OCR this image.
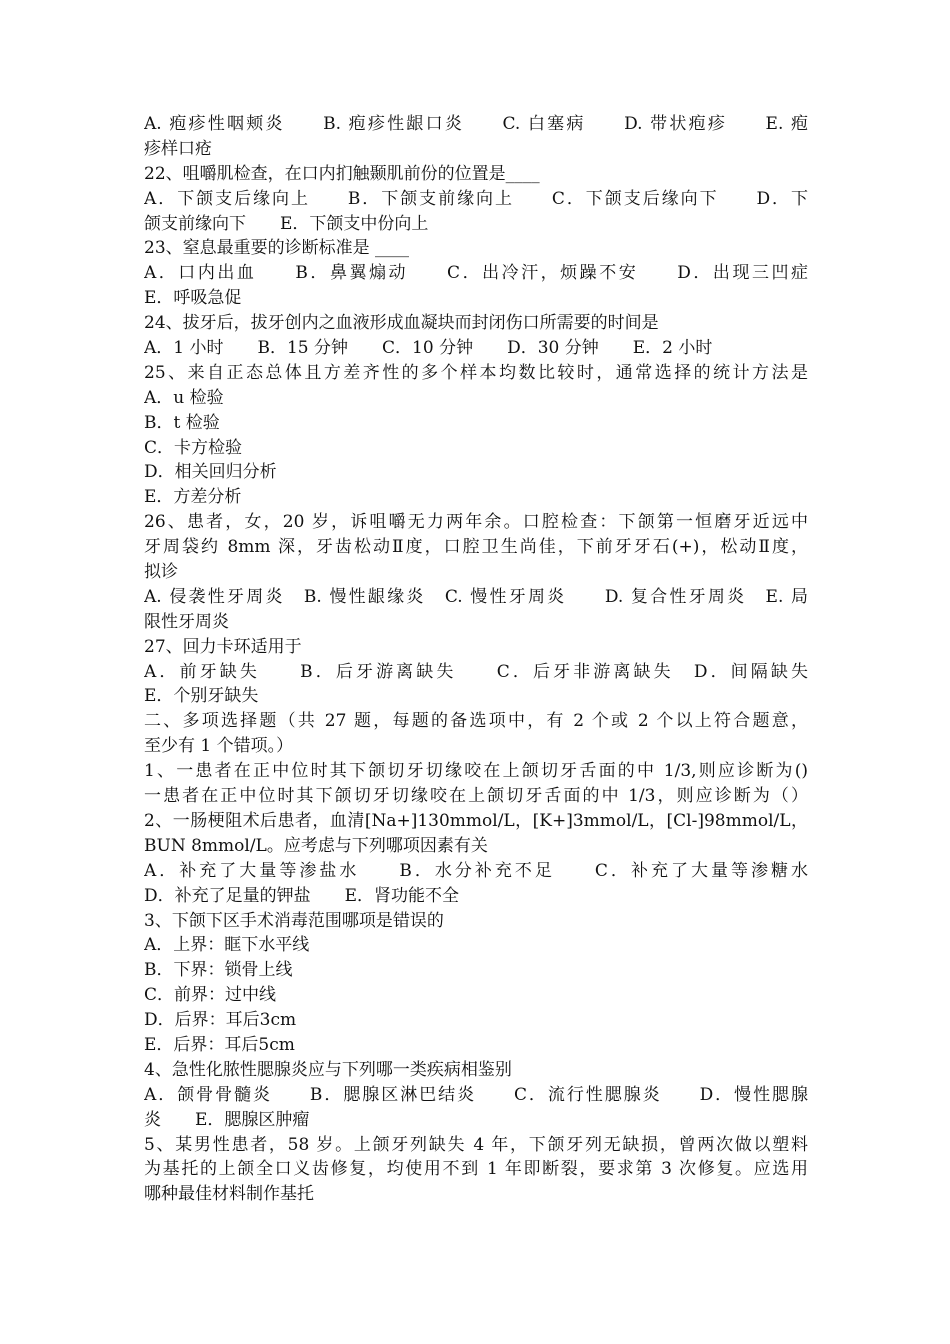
A. 疱疹性咽颊炎　　B. 疱疹性龈口炎　　C. 白塞病　　D. 带状疱疹　　E. 疱
疹样口疮
22、咀嚼肌检查，在口内扪触颞肌前份的位置是____
A．下颌支后缘向上　　B．下颌支前缘向上　　C．下颌支后缘向下　　D．下
颌支前缘向下　　E．下颌支中份向上
23、窒息最重要的诊断标准是 ____
A．口内出血　　B．鼻翼煽动　　C．出冷汗，烦躁不安　　D．出现三凹症
E．呼吸急促
24、拔牙后，拔牙创内之血液形成血凝块而封闭伤口所需要的时间是
A．1 小时　　B．15 分钟　　C．10 分钟　　D．30 分钟　　E．2 小时
25、来自正态总体且方差齐性的多个样本均数比较时，通常选择的统计方法是
A．u 检验
B．t 检验
C．卡方检验
D．相关回归分析
E．方差分析
26、患者，女，20 岁，诉咀嚼无力两年余。口腔检查：下颌第一恒磨牙近远中
牙周袋约 8mm 深，牙齿松动Ⅱ度，口腔卫生尚佳，下前牙牙石(+)，松动Ⅱ度，
拟诊
A. 侵袭性牙周炎　B. 慢性龈缘炎　C. 慢性牙周炎　　D. 复合性牙周炎　E. 局
限性牙周炎
27、回力卡环适用于
A．前牙缺失　　B．后牙游离缺失　　C．后牙非游离缺失　D．间隔缺失
E．个别牙缺失
二、多项选择题（共 27 题，每题的备选项中，有 2 个或 2 个以上符合题意，
至少有 1 个错项。）
1、一患者在正中位时其下颌切牙切缘咬在上颌切牙舌面的中 1/3,则应诊断为()
一患者在正中位时其下颌切牙切缘咬在上颌切牙舌面的中 1/3，则应诊断为（）
2、一肠梗阻术后患者，血清[Na+]130mmol/L，[K+]3mmol/L，[Cl-]98mmol/L，
BUN 8mmol/L。应考虑与下列哪项因素有关
A．补充了大量等渗盐水　　B．水分补充不足　　C．补充了大量等渗糖水
D．补充了足量的钾盐　　E．肾功能不全
3、下颌下区手术消毒范围哪项是错误的
A．上界：眶下水平线
B．下界：锁骨上线
C．前界：过中线
D．后界：耳后3cm
E．后界：耳后5cm
4、急性化脓性腮腺炎应与下列哪一类疾病相鉴别
A．颌骨骨髓炎　　B．腮腺区淋巴结炎　　C．流行性腮腺炎　　D．慢性腮腺
炎　　E．腮腺区肿瘤
5、某男性患者，58 岁。上颌牙列缺失 4 年，下颌牙列无缺损，曾两次做以塑料
为基托的上颌全口义齿修复，均使用不到 1 年即断裂，要求第 3 次修复。应选用
哪种最佳材料制作基托
